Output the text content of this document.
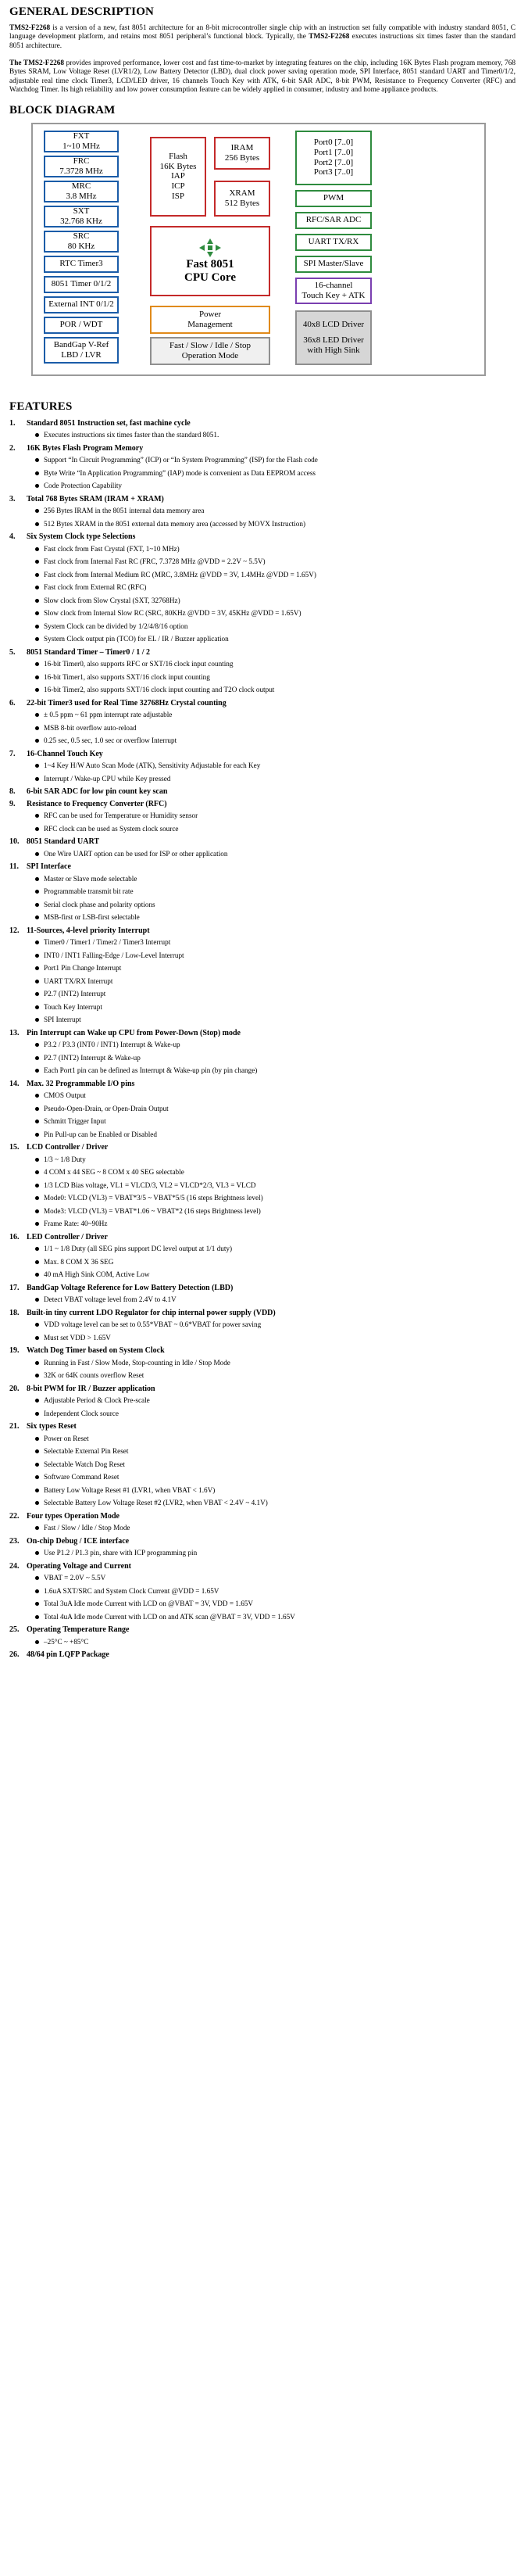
GENERAL DESCRIPTION

TMS2-F2268 is a version of a new, fast 8051 architecture for an 8-bit microcontroller single chip with an instruction set fully compatible with industry standard 8051, C language development platform, and retains most 8051 peripheral’s functional block. Typically, the TMS2-F2268 executes instructions six times faster than the standard 8051 architecture.

The TMS2-F2268 provides improved performance, lower cost and fast time-to-market by integrating features on the chip, including 16K Bytes Flash program memory, 768 Bytes SRAM, Low Voltage Reset (LVR1/2), Low Battery Detector (LBD), dual clock power saving operation mode, SPI Interface, 8051 standard UART and Timer0/1/2, adjustable real time clock Timer3, LCD/LED driver, 16 channels Touch Key with ATK, 6-bit SAR ADC, 8-bit PWM, Resistance to Frequency Converter (RFC) and Watchdog Timer. Its high reliability and low power consumption feature can be widely applied in consumer, industry and home appliance products.

BLOCK DIAGRAM
FXT
1~10 MHz
FRC
7.3728 MHz
MRC
3.8 MHz
SXT
32.768 KHz
SRC
80 KHz
RTC Timer3
8051 Timer 0/1/2
External INT 0/1/2
POR / WDT
BandGap V-Ref
LBD / LVR
Flash
16K Bytes
IAP
ICP
ISP
IRAM
256 Bytes
XRAM
512 Bytes
Fast 8051
CPU Core
Power
Management
Fast / Slow / Idle / Stop
Operation Mode
Port0 [7..0]
Port1 [7..0]
Port2 [7..0]
Port3 [7..0]
PWM
RFC/SAR ADC
UART TX/RX
SPI Master/Slave
16-channel
Touch Key + ATK
40x8 LCD Driver
36x8 LED Driver
with High Sink
FEATURES
1. Standard 8051 Instruction set, fast machine cycle
Executes instructions six times faster than the standard 8051.
2. 16K Bytes Flash Program Memory
Support “In Circuit Programming” (ICP) or “In System Programming” (ISP) for the Flash code
Byte Write “In Application Programming” (IAP) mode is convenient as Data EEPROM access
Code Protection Capability
3. Total 768 Bytes SRAM (IRAM + XRAM)
256 Bytes IRAM in the 8051 internal data memory area
512 Bytes XRAM in the 8051 external data memory area (accessed by MOVX Instruction)
4. Six System Clock type Selections
Fast clock from Fast Crystal (FXT, 1~10 MHz)
Fast clock from Internal Fast RC (FRC, 7.3728 MHz @VDD = 2.2V ~ 5.5V)
Fast clock from Internal Medium RC (MRC, 3.8MHz @VDD = 3V, 1.4MHz @VDD = 1.65V)
Fast clock from External RC (RFC)
Slow clock from Slow Crystal (SXT, 32768Hz)
Slow clock from Internal Slow RC (SRC, 80KHz @VDD = 3V, 45KHz @VDD = 1.65V)
System Clock can be divided by 1/2/4/8/16 option
System Clock output pin (TCO) for EL / IR / Buzzer application
5. 8051 Standard Timer – Timer0 / 1 / 2
16-bit Timer0, also supports RFC or SXT/16 clock input counting
16-bit Timer1, also supports SXT/16 clock input counting
16-bit Timer2, also supports SXT/16 clock input counting and T2O clock output
6. 22-bit Timer3 used for Real Time 32768Hz Crystal counting
± 0.5 ppm ~ 61 ppm interrupt rate adjustable
MSB 8-bit overflow auto-reload
0.25 sec, 0.5 sec, 1.0 sec or overflow Interrupt
7. 16-Channel Touch Key
1~4 Key H/W Auto Scan Mode (ATK), Sensitivity Adjustable for each Key
Interrupt / Wake-up CPU while Key pressed
8. 6-bit SAR ADC for low pin count key scan
9. Resistance to Frequency Converter (RFC)
RFC can be used for Temperature or Humidity sensor
RFC clock can be used as System clock source
10. 8051 Standard UART
One Wire UART option can be used for ISP or other application
11. SPI Interface
Master or Slave mode selectable
Programmable transmit bit rate
Serial clock phase and polarity options
MSB-first or LSB-first selectable
12. 11-Sources, 4-level priority Interrupt
Timer0 / Timer1 / Timer2 / Timer3 Interrupt
INT0 / INT1 Falling-Edge / Low-Level Interrupt
Port1 Pin Change Interrupt
UART TX/RX Interrupt
P2.7 (INT2) Interrupt
Touch Key Interrupt
SPI Interrupt
13. Pin Interrupt can Wake up CPU from Power-Down (Stop) mode
P3.2 / P3.3 (INT0 / INT1) Interrupt & Wake-up
P2.7 (INT2) Interrupt & Wake-up
Each Port1 pin can be defined as Interrupt & Wake-up pin (by pin change)
14. Max. 32 Programmable I/O pins
CMOS Output
Pseudo-Open-Drain, or Open-Drain Output
Schmitt Trigger Input
Pin Pull-up can be Enabled or Disabled
15. LCD Controller / Driver
1/3 ~ 1/8 Duty
4 COM x 44 SEG ~ 8 COM x 40 SEG selectable
1/3 LCD Bias voltage, VL1 = VLCD/3, VL2 = VLCD*2/3, VL3 = VLCD
Mode0: VLCD (VL3) = VBAT*3/5 ~ VBAT*5/5 (16 steps Brightness level)
Mode3: VLCD (VL3) = VBAT*1.06 ~ VBAT*2 (16 steps Brightness level)
Frame Rate: 40~90Hz
16. LED Controller / Driver
1/1 ~ 1/8 Duty (all SEG pins support DC level output at 1/1 duty)
Max. 8 COM X 36 SEG
40 mA High Sink COM, Active Low
17. BandGap Voltage Reference for Low Battery Detection (LBD)
Detect VBAT voltage level from 2.4V to 4.1V
18. Built-in tiny current LDO Regulator for chip internal power supply (VDD)
VDD voltage level can be set to 0.55*VBAT ~ 0.6*VBAT for power saving
Must set VDD > 1.65V
19. Watch Dog Timer based on System Clock
Running in Fast / Slow Mode, Stop-counting in Idle / Stop Mode
32K or 64K counts overflow Reset
20. 8-bit PWM for IR / Buzzer application
Adjustable Period & Clock Pre-scale
Independent Clock source
21. Six types Reset
Power on Reset
Selectable External Pin Reset
Selectable Watch Dog Reset
Software Command Reset
Battery Low Voltage Reset #1 (LVR1, when VBAT < 1.6V)
Selectable Battery Low Voltage Reset #2 (LVR2, when VBAT < 2.4V ~ 4.1V)
22. Four types Operation Mode
Fast / Slow / Idle / Stop Mode
23. On-chip Debug / ICE interface
Use P1.2 / P1.3 pin, share with ICP programming pin
24. Operating Voltage and Current
VBAT = 2.0V ~ 5.5V
1.6uA SXT/SRC and System Clock Current @VDD = 1.65V
Total 3uA Idle mode Current with LCD on @VBAT = 3V, VDD = 1.65V
Total 4uA Idle mode Current with LCD on and ATK scan @VBAT = 3V, VDD = 1.65V
25. Operating Temperature Range
–25°C ~ +85°C
26. 48/64 pin LQFP Package
